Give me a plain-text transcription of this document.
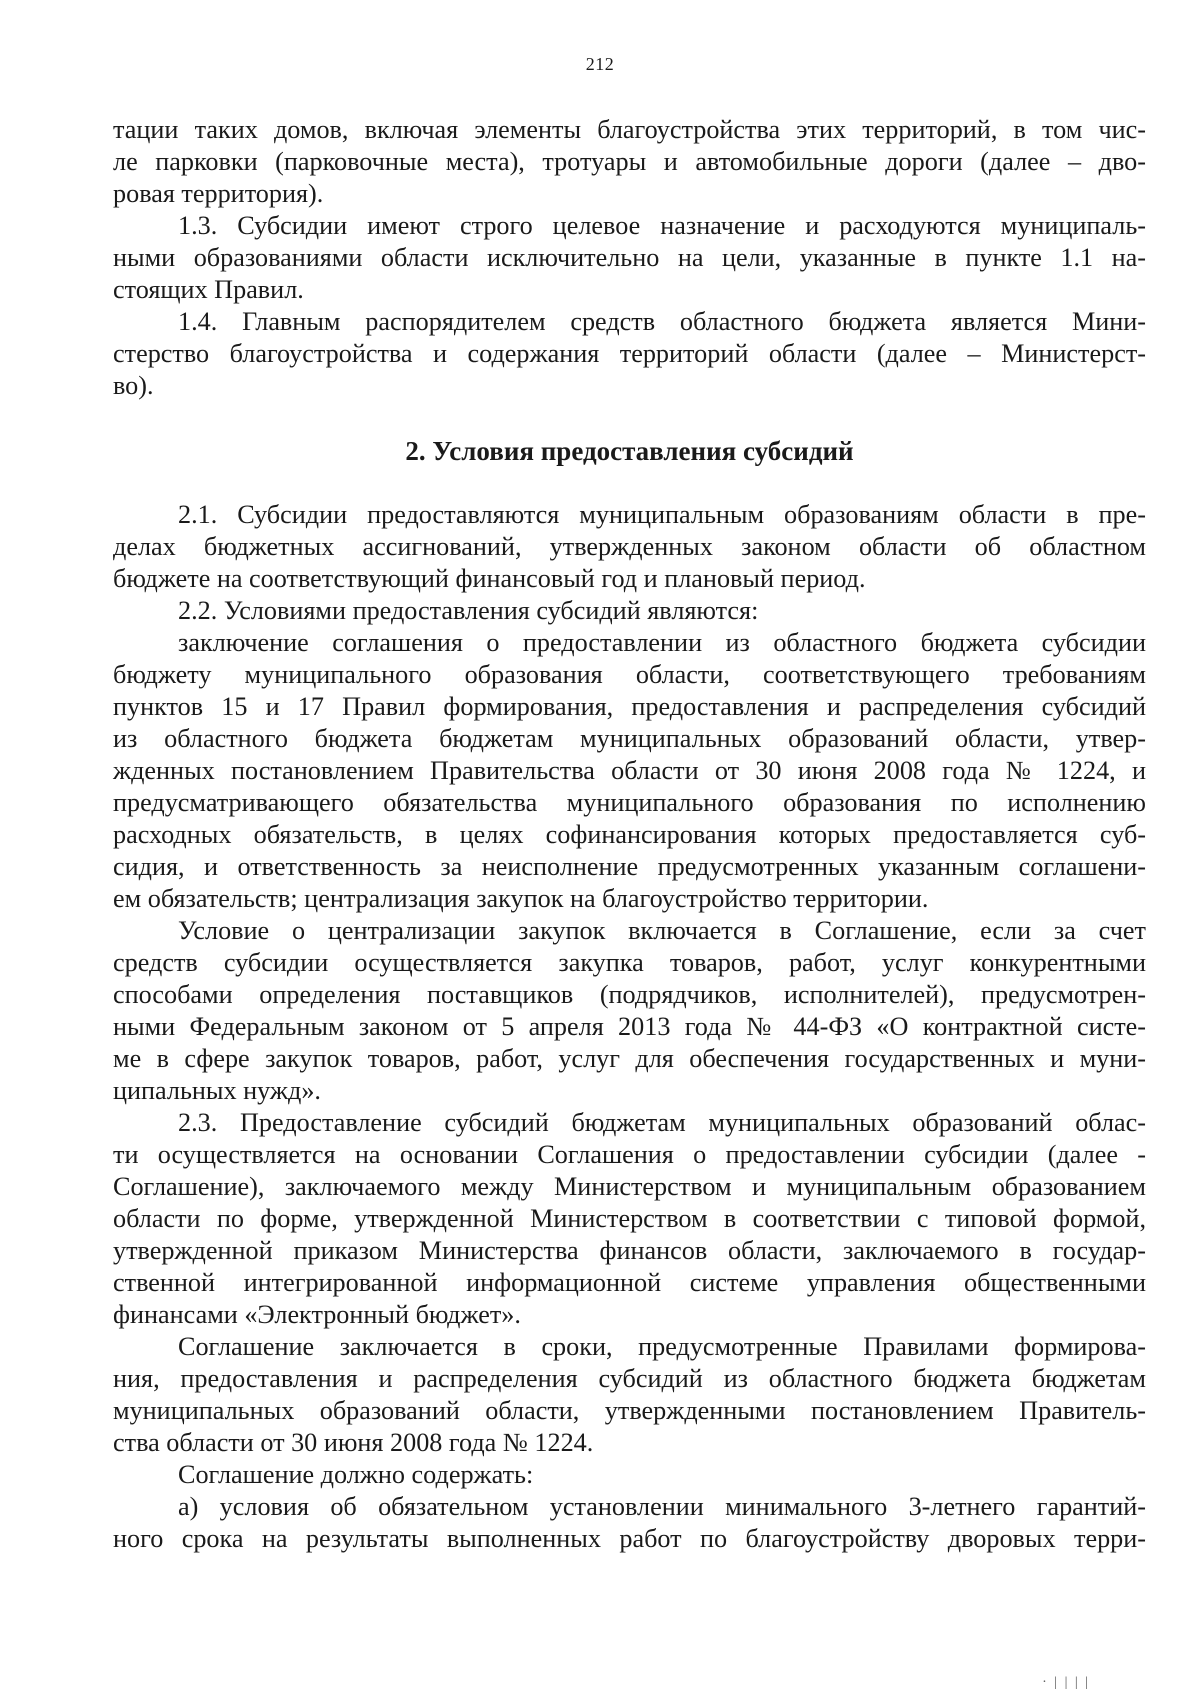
212

тации таких домов, включая элементы благоустройства этих территорий, в том чис-

ле парковки (парковочные места), тротуары и автомобильные дороги (далее – дво-

ровая территория).

1.3. Субсидии имеют строго целевое назначение и расходуются муниципаль-

ными образованиями области исключительно на цели, указанные в пункте 1.1 на-

стоящих Правил.

1.4. Главным распорядителем средств областного бюджета является Мини-

стерство благоустройства и содержания территорий области (далее – Министерст-

во).

2. Условия предоставления субсидий

2.1. Субсидии предоставляются муниципальным образованиям области в пре-

делах бюджетных ассигнований, утвержденных законом области об областном

бюджете на соответствующий финансовый год и плановый период.

2.2. Условиями предоставления субсидий являются:

заключение соглашения о предоставлении из областного бюджета субсидии

бюджету муниципального образования области, соответствующего требованиям

пунктов 15 и 17 Правил формирования, предоставления и распределения субсидий

из областного бюджета бюджетам муниципальных образований области, утвер-

жденных постановлением Правительства области от 30 июня 2008 года № 1224, и

предусматривающего обязательства муниципального образования по исполнению

расходных обязательств, в целях софинансирования которых предоставляется суб-

сидия, и ответственность за неисполнение предусмотренных указанным соглашени-

ем обязательств; централизация закупок на благоустройство территории.

Условие о централизации закупок включается в Соглашение, если за счет

средств субсидии осуществляется закупка товаров, работ, услуг конкурентными

способами определения поставщиков (подрядчиков, исполнителей), предусмотрен-

ными Федеральным законом от 5 апреля 2013 года № 44-ФЗ «О контрактной систе-

ме в сфере закупок товаров, работ, услуг для обеспечения государственных и муни-

ципальных нужд».

2.3. Предоставление субсидий бюджетам муниципальных образований облас-

ти осуществляется на основании Соглашения о предоставлении субсидии (далее -

Соглашение), заключаемого между Министерством и муниципальным образованием

области по форме, утвержденной Министерством в соответствии с типовой формой,

утвержденной приказом Министерства финансов области, заключаемого в государ-

ственной интегрированной информационной системе управления общественными

финансами «Электронный бюджет».

Соглашение заключается в сроки, предусмотренные Правилами формирова-

ния, предоставления и распределения субсидий из областного бюджета бюджетам

муниципальных образований области, утвержденными постановлением Правитель-

ства области от 30 июня 2008 года № 1224.

Соглашение должно содержать:

а) условия об обязательном установлении минимального 3-летнего гарантий-

ного срока на результаты выполненных работ по благоустройству дворовых терри-

· | | | |
